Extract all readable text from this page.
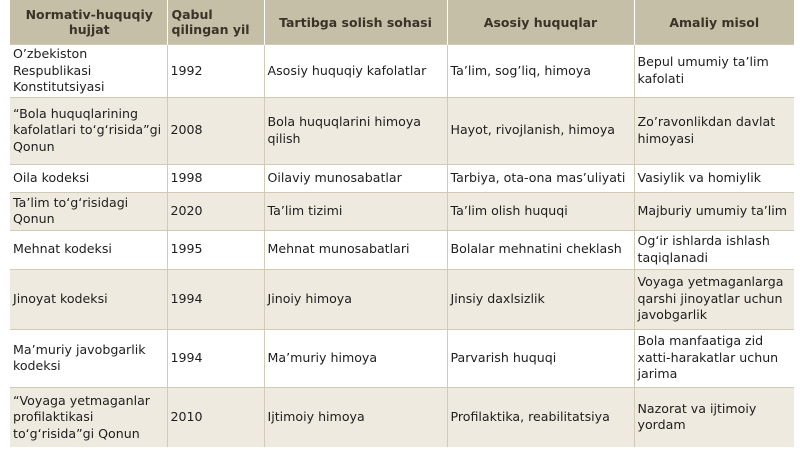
Normativ-huquqiy hujjat	Qabul qilingan yil	Tartibga solish sohasi	Asosiy huquqlar	Amaliy misol
O’zbekiston Respublikasi Konstitutsiyasi	1992	Asosiy huquqiy kafolatlar	Ta’lim, sog’liq, himoya	Bepul umumiy ta’lim kafolati
“Bola huquqlarining kafolatlari to‘g‘risida”gi Qonun	2008	Bola huquqlarini himoya qilish	Hayot, rivojlanish, himoya	Zo’ravonlikdan davlat himoyasi
Oila kodeksi	1998	Oilaviy munosabatlar	Tarbiya, ota-ona mas’uliyati	Vasiylik va homiylik
Ta’lim to‘g‘risidagi Qonun	2020	Ta’lim tizimi	Ta’lim olish huquqi	Majburiy umumiy ta’lim
Mehnat kodeksi	1995	Mehnat munosabatlari	Bolalar mehnatini cheklash	Og‘ir ishlarda ishlash taqiqlanadi
Jinoyat kodeksi	1994	Jinoiy himoya	Jinsiy daxlsizlik	Voyaga yetmaganlarga qarshi jinoyatlar uchun javobgarlik
Ma’muriy javobgarlik kodeksi	1994	Ma’muriy himoya	Parvarish huquqi	Bola manfaatiga zid xatti-harakatlar uchun jarima
“Voyaga yetmaganlar profilaktikasi to‘g‘risida”gi Qonun	2010	Ijtimoiy himoya	Profilaktika, reabilitatsiya	Nazorat va ijtimoiy yordam
